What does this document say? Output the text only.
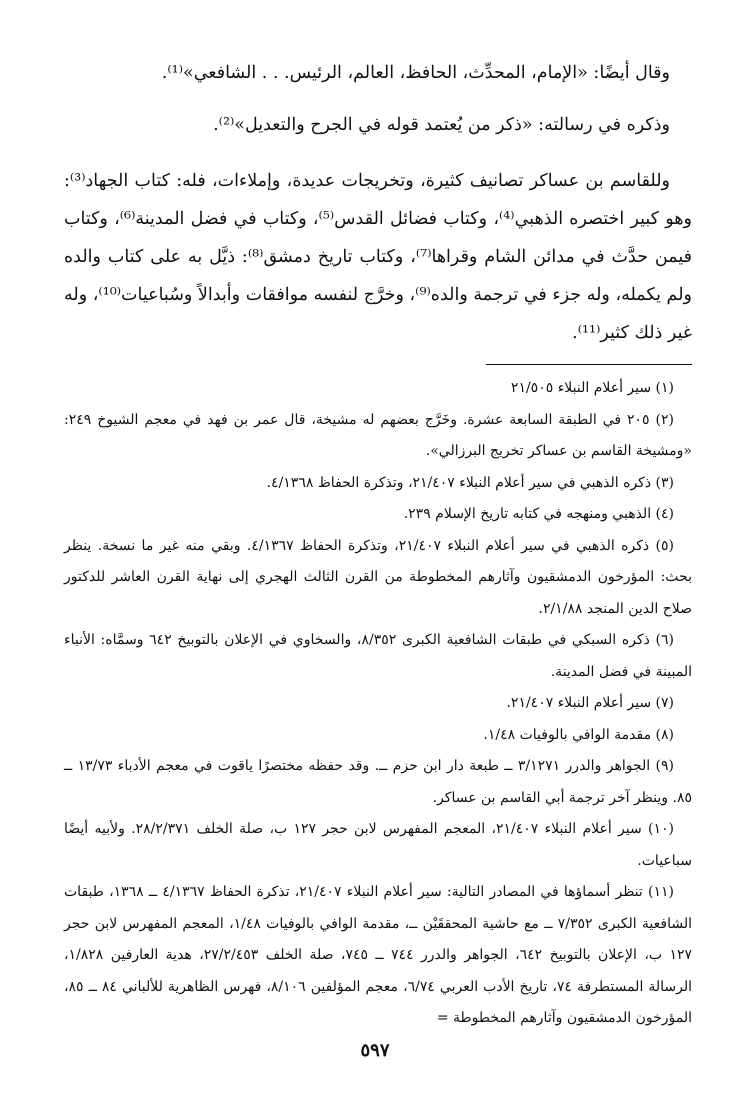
وقال أيضًا: «الإمام، المحدِّث، الحافظ، العالم، الرئيس. . . الشافعي»⁽¹⁾.

وذكره في رسالته: «ذكر من يُعتمد قوله في الجرح والتعديل»⁽²⁾.

وللقاسم بن عساكر تصانيف كثيرة، وتخريجات عديدة، وإملاءات، فله: كتاب الجهاد⁽³⁾: وهو كبير اختصره الذهبي⁽⁴⁾، وكتاب فضائل القدس⁽⁵⁾، وكتاب في فضل المدينة⁽⁶⁾، وكتاب فيمن حدَّث في مدائن الشام وقراها⁽⁷⁾، وكتاب تاريخ دمشق⁽⁸⁾: ذيَّل به على كتاب والده ولم يكمله، وله جزء في ترجمة والده⁽⁹⁾، وخرَّج لنفسه موافقات وأبدالاً وسُباعيات⁽¹⁰⁾، وله غير ذلك كثير⁽¹¹⁾.

(١) سير أعلام النبلاء ٢١/٥٠٥

(٢) ٢٠٥ في الطبقة السابعة عشرة. وخَرَّج بعضهم له مشيخة، قال عمر بن فهد في معجم الشيوخ ٢٤٩: «ومشيخة القاسم بن عساكر تخريج البرزالي».

(٣) ذكره الذهبي في سير أعلام النبلاء ٢١/٤٠٧، وتذكرة الحفاظ ٤/١٣٦٨.

(٤) الذهبي ومنهجه في كتابه تاريخ الإسلام ٢٣٩.

(٥) ذكره الذهبي في سير أعلام النبلاء ٢١/٤٠٧، وتذكرة الحفاظ ٤/١٣٦٧. وبقي منه غير ما نسخة. ينظر بحث: المؤرخون الدمشقيون وآثارهم المخطوطة من القرن الثالث الهجري إلى نهاية القرن العاشر للدكتور صلاح الدين المنجد ٢/١/٨٨.

(٦) ذكره السبكي في طبقات الشافعية الكبرى ٨/٣٥٢، والسخاوي في الإعلان بالتوبيخ ٦٤٢ وسمَّاه: الأنباء المبينة في فضل المدينة.

(٧) سير أعلام النبلاء ٢١/٤٠٧.

(٨) مقدمة الوافي بالوفيات ١/٤٨.

(٩) الجواهر والدرر ٣/١٢٧١ ــ طبعة دار ابن حزم ــ. وقد حفظه مختصرًا ياقوت في معجم الأدباء ١٣/٧٣ ــ ٨٥. وينظر آخر ترجمة أبي القاسم بن عساكر.

(١٠) سير أعلام النبلاء ٢١/٤٠٧، المعجم المفهرس لابن حجر ١٢٧ ب، صلة الخلف ٢٨/٢/٣٧١. ولأبيه أيضًا سباعيات.

(١١) تنظر أسماؤها في المصادر التالية: سير أعلام النبلاء ٢١/٤٠٧، تذكرة الحفاظ ٤/١٣٦٧ ــ ١٣٦٨، طبقات الشافعية الكبرى ٧/٣٥٢ ــ مع حاشية المحققَيْن ــ، مقدمة الوافي بالوفيات ١/٤٨، المعجم المفهرس لابن حجر ١٢٧ ب، الإعلان بالتوبيخ ٦٤٢، الجواهر والدرر ٧٤٤ ــ ٧٤٥، صلة الخلف ٢٧/٢/٤٥٣، هدية العارفين ١/٨٢٨، الرسالة المستطرفة ٧٤، تاريخ الأدب العربي ٦/٧٤، معجم المؤلفين ٨/١٠٦، فهرس الظاهرية للألباني ٨٤ ــ ٨٥، المؤرخون الدمشقيون وآثارهم المخطوطة =

٥٩٧
